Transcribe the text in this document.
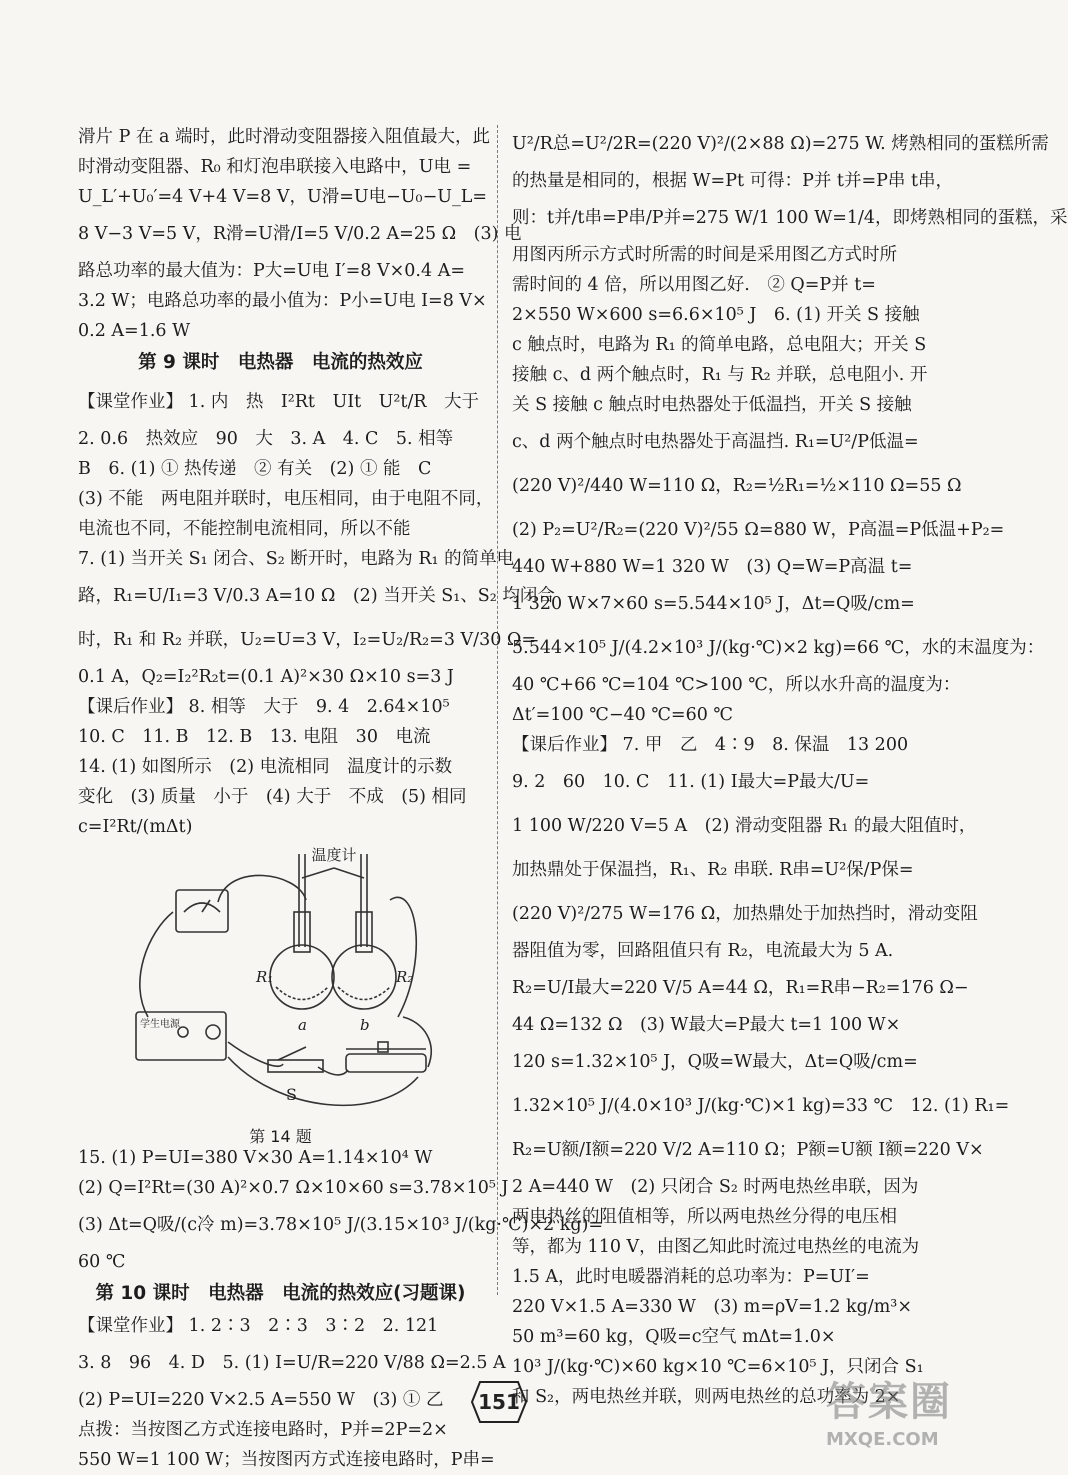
滑片 P 在 a 端时，此时滑动变阻器接入阻值最大，此
时滑动变阻器、R₀ 和灯泡串联接入电路中，U电 =
U_L′+U₀′=4 V+4 V=8 V，U滑=U电−U₀−U_L=
8 V−3 V=5 V，R滑=U滑/I=5 V/0.2 A=25 Ω　(3) 电
路总功率的最大值为：P大=U电 I′=8 V×0.4 A=
3.2 W；电路总功率的最小值为：P小=U电 I=8 V×
0.2 A=1.6 W
第 9 课时　电热器　电流的热效应
【课堂作业】 1. 内　热　I²Rt　UIt　U²t/R　大于
2. 0.6　热效应　90　大　3. A　4. C　5. 相等
B　6. (1) ① 热传递　② 有关　(2) ① 能　C
(3) 不能　两电阻并联时，电压相同，由于电阻不同，
电流也不同，不能控制电流相同，所以不能
7. (1) 当开关 S₁ 闭合、S₂ 断开时，电路为 R₁ 的简单电
路，R₁=U/I₁=3 V/0.3 A=10 Ω　(2) 当开关 S₁、S₂ 均闭合
时，R₁ 和 R₂ 并联，U₂=U=3 V，I₂=U₂/R₂=3 V/30 Ω=
0.1 A，Q₂=I₂²R₂t=(0.1 A)²×30 Ω×10 s=3 J
【课后作业】 8. 相等　大于　9. 4　2.64×10⁵
10. C　11. B　12. B　13. 电阻　30　电流
14. (1) 如图所示　(2) 电流相同　温度计的示数
变化　(3) 质量　小于　(4) 大于　不成　(5) 相同
c=I²Rt/(mΔt)
温度计
R₁	R₂
a	b
S
学生电源
第 14 题
15. (1) P=UI=380 V×30 A=1.14×10⁴ W
(2) Q=I²Rt=(30 A)²×0.7 Ω×10×60 s=3.78×10⁵ J
(3) Δt=Q吸/(c冷 m)=3.78×10⁵ J/(3.15×10³ J/(kg·℃)×2 kg)=
60 ℃
第 10 课时　电热器　电流的热效应(习题课)
【课堂作业】 1. 2∶3　2∶3　3∶2　2. 121
3. 8　96　4. D　5. (1) I=U/R=220 V/88 Ω=2.5 A
(2) P=UI=220 V×2.5 A=550 W　(3) ① 乙
点拨：当按图乙方式连接电路时，P并=2P=2×
550 W=1 100 W；当按图丙方式连接电路时，P串=
U²/R总=U²/2R=(220 V)²/(2×88 Ω)=275 W. 烤熟相同的蛋糕所需
的热量是相同的，根据 W=Pt 可得：P并 t并=P串 t串，
则：t并/t串=P串/P并=275 W/1 100 W=1/4，即烤熟相同的蛋糕，采
用图丙所示方式时所需的时间是采用图乙方式时所
需时间的 4 倍，所以用图乙好.　② Q=P并 t=
2×550 W×600 s=6.6×10⁵ J　6. (1) 开关 S 接触
c 触点时，电路为 R₁ 的简单电路，总电阻大；开关 S
接触 c、d 两个触点时，R₁ 与 R₂ 并联，总电阻小. 开
关 S 接触 c 触点时电热器处于低温挡，开关 S 接触
c、d 两个触点时电热器处于高温挡. R₁=U²/P低温=
(220 V)²/440 W=110 Ω，R₂=½R₁=½×110 Ω=55 Ω
(2) P₂=U²/R₂=(220 V)²/55 Ω=880 W，P高温=P低温+P₂=
440 W+880 W=1 320 W　(3) Q=W=P高温 t=
1 320 W×7×60 s=5.544×10⁵ J，Δt=Q吸/cm=
5.544×10⁵ J/(4.2×10³ J/(kg·℃)×2 kg)=66 ℃，水的末温度为：
40 ℃+66 ℃=104 ℃>100 ℃，所以水升高的温度为：
Δt′=100 ℃−40 ℃=60 ℃
【课后作业】 7. 甲　乙　4∶9　8. 保温　13 200
9. 2　60　10. C　11. (1) I最大=P最大/U=
1 100 W/220 V=5 A　(2) 滑动变阻器 R₁ 的最大阻值时，
加热鼎处于保温挡，R₁、R₂ 串联. R串=U²保/P保=
(220 V)²/275 W=176 Ω，加热鼎处于加热挡时，滑动变阻
器阻值为零，回路阻值只有 R₂，电流最大为 5 A.
R₂=U/I最大=220 V/5 A=44 Ω，R₁=R串−R₂=176 Ω−
44 Ω=132 Ω　(3) W最大=P最大 t=1 100 W×
120 s=1.32×10⁵ J，Q吸=W最大，Δt=Q吸/cm=
1.32×10⁵ J/(4.0×10³ J/(kg·℃)×1 kg)=33 ℃　12. (1) R₁=
R₂=U额/I额=220 V/2 A=110 Ω；P额=U额 I额=220 V×
2 A=440 W　(2) 只闭合 S₂ 时两电热丝串联，因为
两电热丝的阻值相等，所以两电热丝分得的电压相
等，都为 110 V，由图乙知此时流过电热丝的电流为
1.5 A，此时电暖器消耗的总功率为：P=UI′=
220 V×1.5 A=330 W　(3) m=ρV=1.2 kg/m³×
50 m³=60 kg，Q吸=c空气 mΔt=1.0×
10³ J/(kg·℃)×60 kg×10 ℃=6×10⁵ J，只闭合 S₁
和 S₂，两电热丝并联，则两电热丝的总功率为 2×
151	答案圈
MXQE.COM
